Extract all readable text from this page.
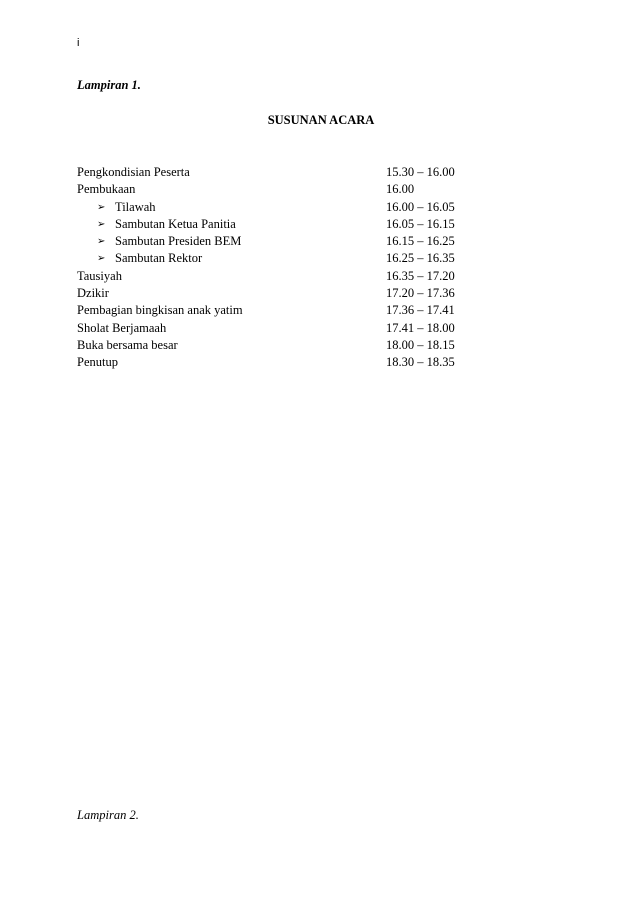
i
Lampiran 1.
SUSUNAN ACARA
Pengkondisian Peserta	15.30 – 16.00
Pembukaan	16.00
➢ Tilawah	16.00 – 16.05
➢ Sambutan Ketua Panitia	16.05 – 16.15
➢ Sambutan Presiden BEM	16.15 – 16.25
➢ Sambutan Rektor	16.25 – 16.35
Tausiyah	16.35 – 17.20
Dzikir	17.20 – 17.36
Pembagian bingkisan anak yatim	17.36 – 17.41
Sholat Berjamaah	17.41 – 18.00
Buka bersama besar	18.00 – 18.15
Penutup	18.30 – 18.35
Lampiran 2.
